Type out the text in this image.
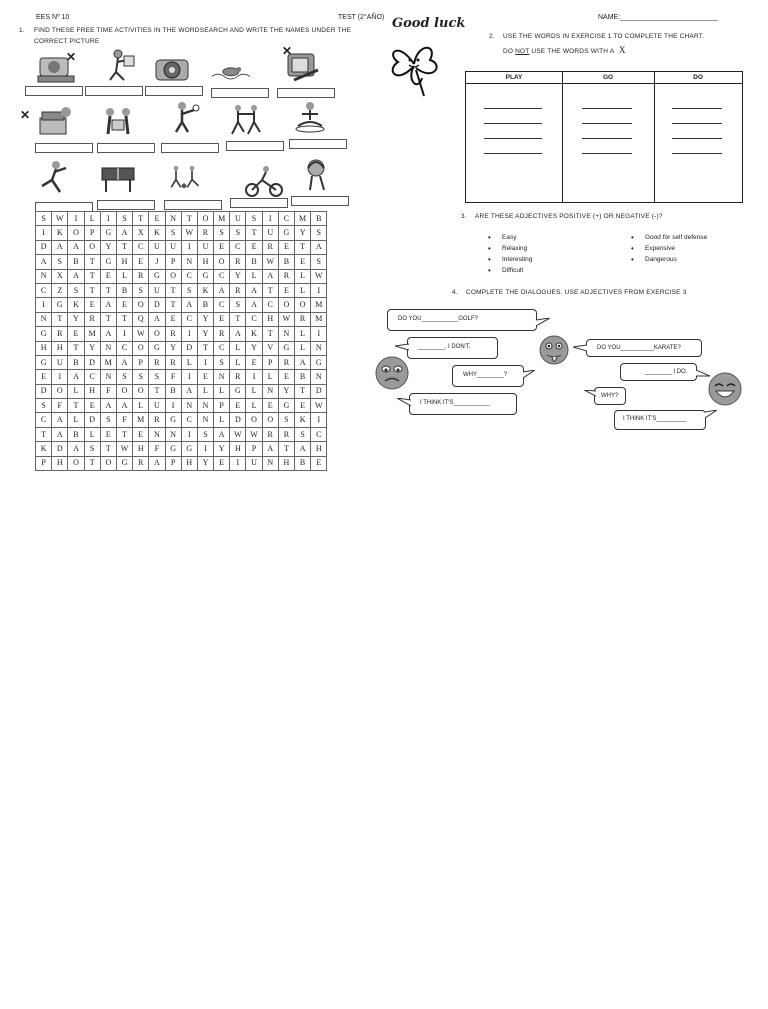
EES Nº 10	TEST (2°AÑO)	NAME:_________________________
Good luck
1. FIND THESE FREE TIME ACTIVITIES IN THE WORDSEARCH AND WRITE THE NAMES UNDER THE
CORRECT PICTURE
✕	✕
✕
S	W	I	L	I	S	T	E	N	T	O	M	U	S	I	C	M	B
I	K	O	P	G	A	X	K	S	W	R	S	S	T	U	G	Y	S
D	A	A	O	Y	T	C	U	U	I	U	E	C	E	R	E	T	A
A	S	B	T	G	H	E	J	P	N	H	O	R	B	W	B	E	S
N	X	A	T	E	L	R	G	O	C	G	C	Y	L	A	R	L	W
C	Z	S	T	T	B	S	U	T	S	K	A	R	A	T	E	L	I
I	G	K	E	A	E	O	D	T	A	B	C	S	A	C	O	O	M
N	T	Y	R	T	T	Q	A	E	C	Y	E	T	C	H	W	R	M
G	R	E	M	A	I	W	O	R	I	Y	R	A	K	T	N	L	I
H	H	T	Y	N	C	O	G	Y	D	T	C	L	Y	V	G	L	N
G	U	B	D	M	A	P	R	R	L	I	S	L	E	P	R	A	G
E	I	A	C	N	S	S	S	F	I	E	N	R	I	L	E	B	N
D	O	L	H	F	O	O	T	B	A	L	L	G	L	N	Y	T	D
S	F	T	E	A	A	L	U	I	N	N	P	E	L	E	G	E	W
C	A	L	D	S	F	M	R	G	C	N	L	D	O	O	S	K	I
T	A	B	L	E	T	E	N	N	I	S	A	W	W	R	R	S	C
K	D	A	S	T	W	H	F	G	G	I	Y	H	P	A	T	A	H
P	H	O	T	O	G	R	A	P	H	Y	E	I	U	N	H	B	E
2. USE THE WORDS IN EXERCISE 1 TO COMPLETE THE CHART.
DO NOT USE THE WORDS WITH A X
PLAY	GO	DO
3. ARE THESE ADJECTIVES POSITIVE (+) OR NEGATIVE (-)?
• Easy
• Relaxing
• Interesting
• Difficult
• Good for self defense
• Expensive
• Dangerous
4. COMPLETE THE DIALOGUES. USE ADJECTIVES FROM EXERCISE 3
DO YOU___________GOLF?
________, I DON'T.
WHY________?
I THINK IT'S___________
DO YOU__________KARATE?
________ I DO.
WHY?
I THINK IT'S_________
